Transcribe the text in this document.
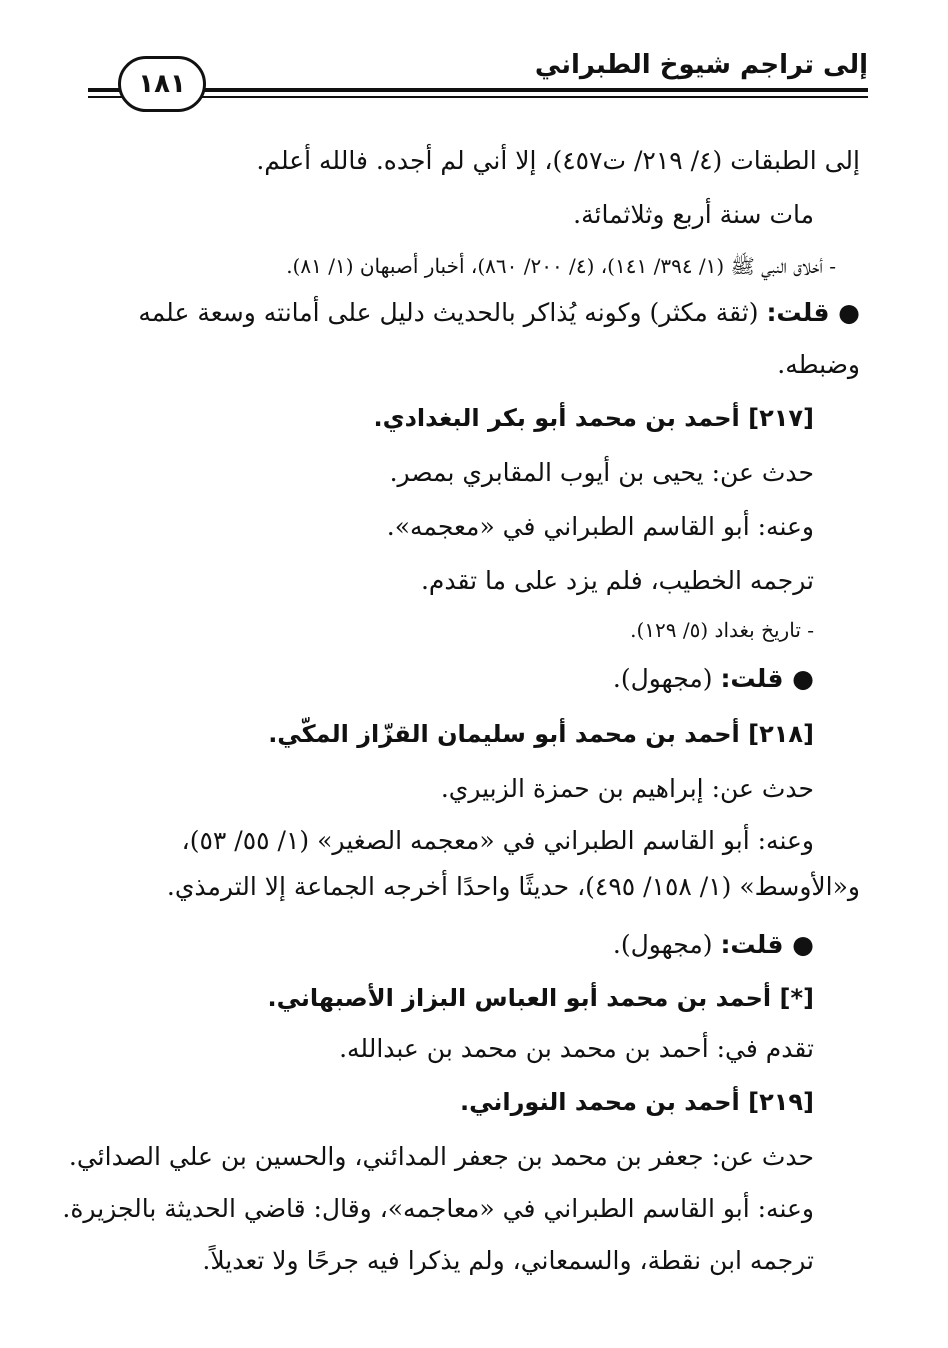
إلى تراجم شيوخ الطبراني
١٨١
إلى الطبقات (٤/ ٢١٩/ ت٤٥٧)، إلا أني لم أجده. فالله أعلم.
مات سنة أربع وثلاثمائة.
- أخلاق النبي ﷺ (١/ ٣٩٤/ ١٤١)، (٤/ ٢٠٠/ ٨٦٠)، أخبار أصبهان (١/ ٨١).
● قلت: (ثقة مكثر) وكونه يُذاكر بالحديث دليل على أمانته وسعة علمه
وضبطه.
[٢١٧] أحمد بن محمد أبو بكر البغدادي.
حدث عن: يحيى بن أيوب المقابري بمصر.
وعنه: أبو القاسم الطبراني في «معجمه».
ترجمه الخطيب، فلم يزد على ما تقدم.
- تاريخ بغداد (٥/ ١٢٩).
● قلت: (مجهول).
[٢١٨] أحمد بن محمد أبو سليمان القزّاز المكّي.
حدث عن: إبراهيم بن حمزة الزبيري.
وعنه: أبو القاسم الطبراني في «معجمه الصغير» (١/ ٥٥/ ٥٣)،
و«الأوسط» (١/ ١٥٨/ ٤٩٥)، حديثًا واحدًا أخرجه الجماعة إلا الترمذي.
● قلت: (مجهول).
[*] أحمد بن محمد أبو العباس البزاز الأصبهاني.
تقدم في: أحمد بن محمد بن محمد بن عبدالله.
[٢١٩] أحمد بن محمد النوراني.
حدث عن: جعفر بن محمد بن جعفر المدائني، والحسين بن علي الصدائي.
وعنه: أبو القاسم الطبراني في «معاجمه»، وقال: قاضي الحديثة بالجزيرة.
ترجمه ابن نقطة، والسمعاني، ولم يذكرا فيه جرحًا ولا تعديلاً.
